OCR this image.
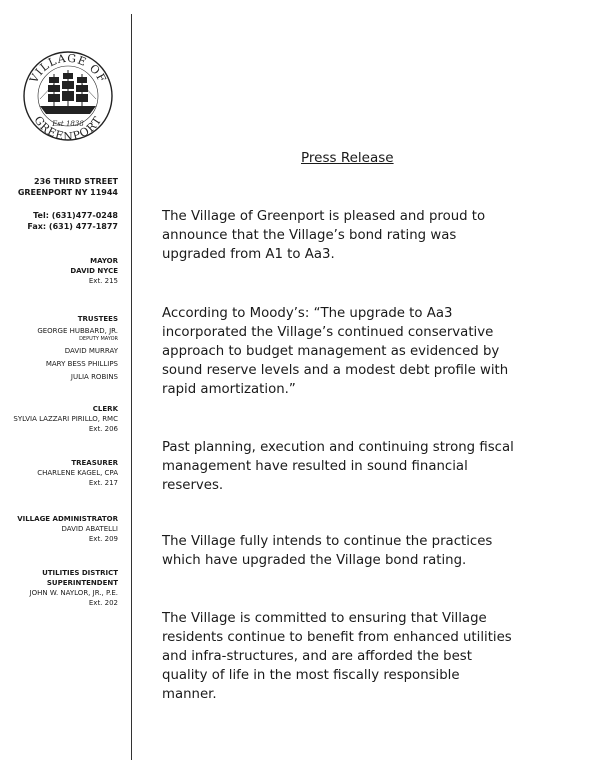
VILLAGE OF
GREENPORT
Est 1838
236 THIRD STREET
GREENPORT NY 11944
Tel: (631)477-0248
Fax: (631) 477-1877
MAYOR
DAVID NYCE
Ext. 215
TRUSTEES
GEORGE HUBBARD, JR.
DEPUTY MAYOR
DAVID MURRAY
MARY BESS PHILLIPS
JULIA ROBINS
CLERK
SYLVIA LAZZARI PIRILLO, RMC
Ext. 206
TREASURER
CHARLENE KAGEL, CPA
Ext. 217
VILLAGE ADMINISTRATOR
DAVID ABATELLI
Ext. 209
UTILITIES DISTRICT
SUPERINTENDENT
JOHN W. NAYLOR, JR., P.E.
Ext. 202
Press Release
The Village of Greenport is pleased and proud to
announce that the Village’s bond rating was
upgraded from A1 to Aa3.
According to Moody’s: “The upgrade to Aa3
incorporated the Village’s continued conservative
approach to budget management as evidenced by
sound reserve levels and a modest debt profile with
rapid amortization.”
Past planning, execution and continuing strong fiscal
management have resulted in sound financial
reserves.
The Village fully intends to continue the practices
which have upgraded the Village bond rating.
The Village is committed to ensuring that Village
residents continue to benefit from enhanced utilities
and infra-structures, and are afforded the best
quality of life in the most fiscally responsible
manner.
